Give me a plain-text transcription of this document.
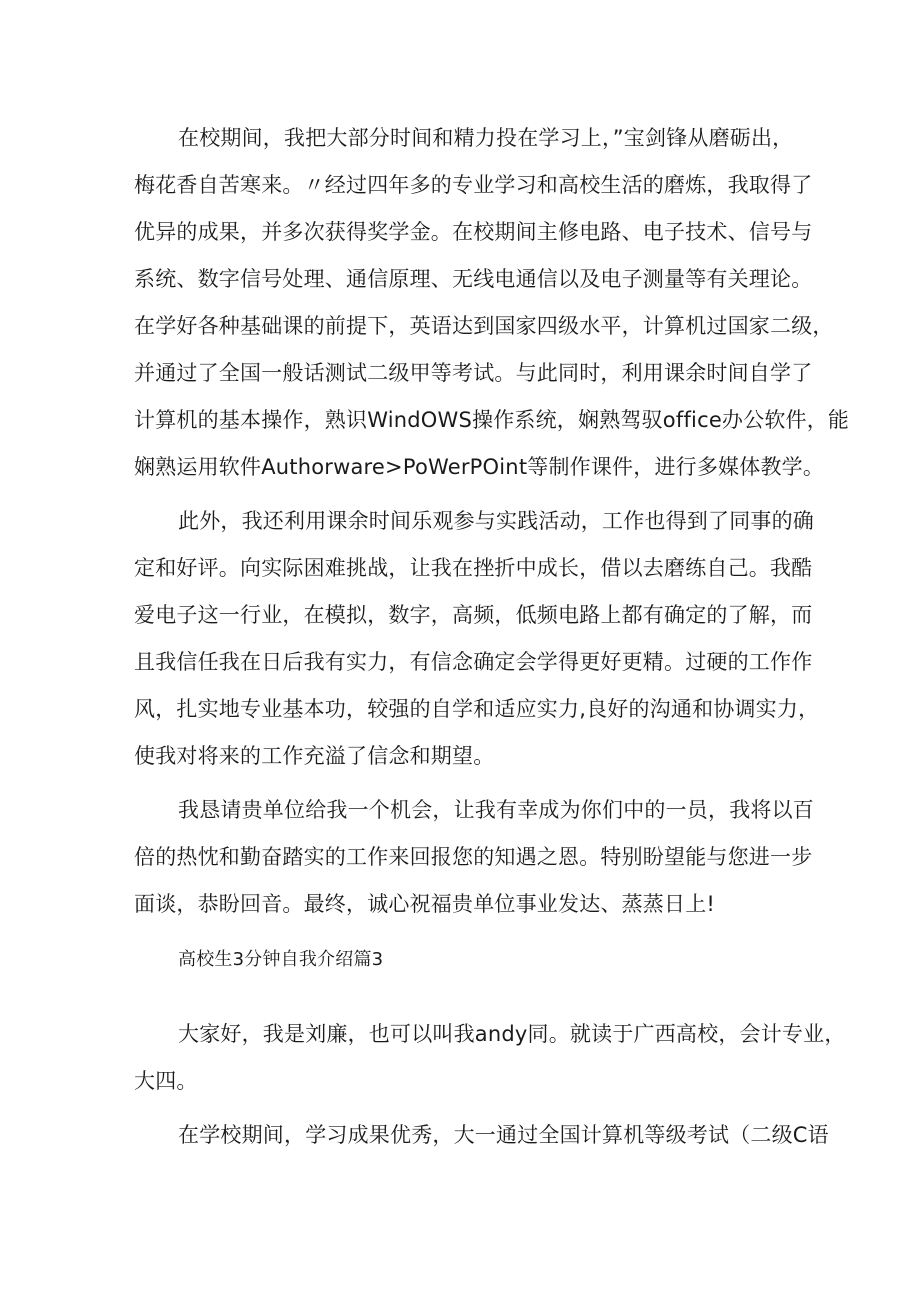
在校期间，我把大部分时间和精力投在学习上，”宝剑锋从磨砺出，
梅花香自苦寒来。〃经过四年多的专业学习和高校生活的磨炼，我取得了
优异的成果，并多次获得奖学金。在校期间主修电路、电子技术、信号与
系统、数字信号处理、通信原理、无线电通信以及电子测量等有关理论。
在学好各种基础课的前提下，英语达到国家四级水平，计算机过国家二级，
并通过了全国一般话测试二级甲等考试。与此同时，利用课余时间自学了
计算机的基本操作，熟识WindOWS操作系统，娴熟驾驭office办公软件，能
娴熟运用软件Authorware>PoWerPOint等制作课件，进行多媒体教学。
此外，我还利用课余时间乐观参与实践活动，工作也得到了同事的确
定和好评。向实际困难挑战，让我在挫折中成长，借以去磨练自己。我酷
爱电子这一行业，在模拟，数字，高频，低频电路上都有确定的了解，而
且我信任我在日后我有实力，有信念确定会学得更好更精。过硬的工作作
风，扎实地专业基本功，较强的自学和适应实力,良好的沟通和协调实力，
使我对将来的工作充溢了信念和期望。
我恳请贵单位给我一个机会，让我有幸成为你们中的一员，我将以百
倍的热忱和勤奋踏实的工作来回报您的知遇之恩。特别盼望能与您进一步
面谈，恭盼回音。最终，诚心祝福贵单位事业发达、蒸蒸日上!
高校生3分钟自我介绍篇3
大家好，我是刘廉，也可以叫我andy同。就读于广西高校，会计专业，
大四。
在学校期间，学习成果优秀，大一通过全国计算机等级考试（二级C语
